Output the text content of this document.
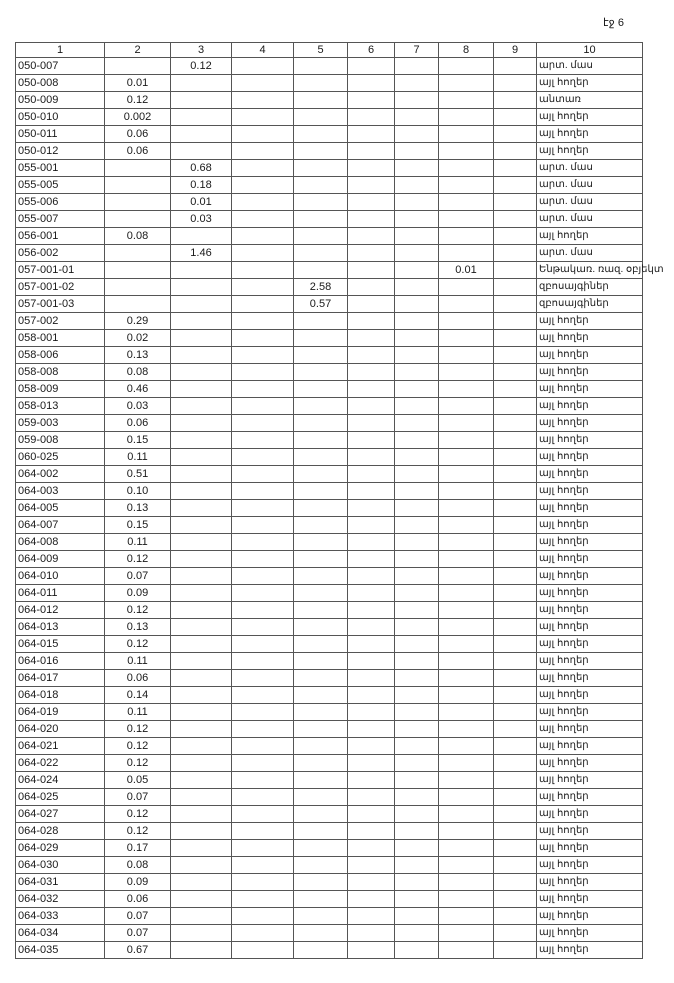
էջ 6
1	2	3	4	5	6	7	8	9	10
050-007		0.12							արտ. մաս
050-008	0.01								այլ հողեր
050-009	0.12								անտառ
050-010	0.002								այլ հողեր
050-011	0.06								այլ հողեր
050-012	0.06								այլ հողեր
055-001		0.68							արտ. մաս
055-005		0.18							արտ. մաս
055-006		0.01							արտ. մաս
055-007		0.03							արտ. մաս
056-001	0.08								այլ հողեր
056-002		1.46							արտ. մաս
057-001-01							0.01		Ենթակառ. ռազ. օբյեկտ
057-001-02				2.58					զբոսայգիներ
057-001-03				0.57					զբոսայգիներ
057-002	0.29								այլ հողեր
058-001	0.02								այլ հողեր
058-006	0.13								այլ հողեր
058-008	0.08								այլ հողեր
058-009	0.46								այլ հողեր
058-013	0.03								այլ հողեր
059-003	0.06								այլ հողեր
059-008	0.15								այլ հողեր
060-025	0.11								այլ հողեր
064-002	0.51								այլ հողեր
064-003	0.10								այլ հողեր
064-005	0.13								այլ հողեր
064-007	0.15								այլ հողեր
064-008	0.11								այլ հողեր
064-009	0.12								այլ հողեր
064-010	0.07								այլ հողեր
064-011	0.09								այլ հողեր
064-012	0.12								այլ հողեր
064-013	0.13								այլ հողեր
064-015	0.12								այլ հողեր
064-016	0.11								այլ հողեր
064-017	0.06								այլ հողեր
064-018	0.14								այլ հողեր
064-019	0.11								այլ հողեր
064-020	0.12								այլ հողեր
064-021	0.12								այլ հողեր
064-022	0.12								այլ հողեր
064-024	0.05								այլ հողեր
064-025	0.07								այլ հողեր
064-027	0.12								այլ հողեր
064-028	0.12								այլ հողեր
064-029	0.17								այլ հողեր
064-030	0.08								այլ հողեր
064-031	0.09								այլ հողեր
064-032	0.06								այլ հողեր
064-033	0.07								այլ հողեր
064-034	0.07								այլ հողեր
064-035	0.67								այլ հողեր
